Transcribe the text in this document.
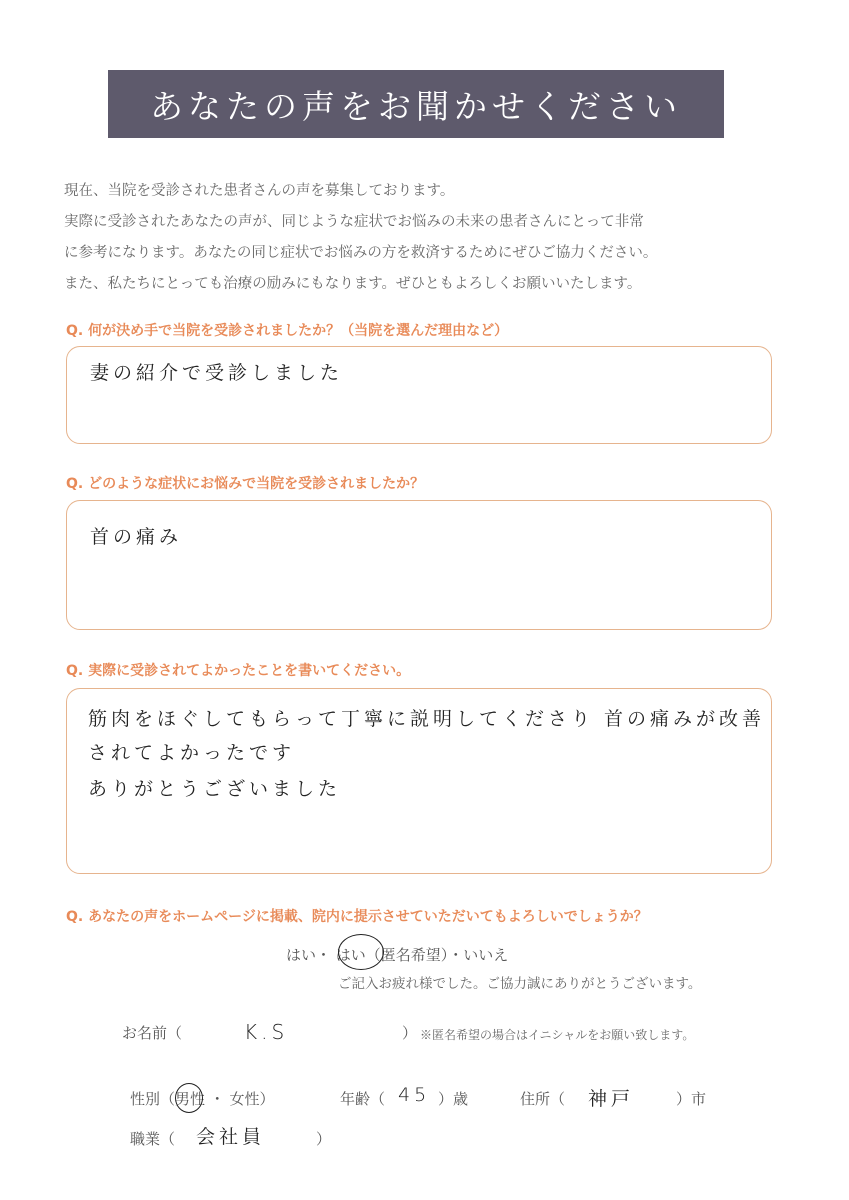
あなたの声をお聞かせください
現在、当院を受診された患者さんの声を募集しております。
実際に受診されたあなたの声が、同じような症状でお悩みの未来の患者さんにとって非常
に参考になります。あなたの同じ症状でお悩みの方を救済するためにぜひご協力ください。
また、私たちにとっても治療の励みにもなります。ぜひともよろしくお願いいたします。
Q. 何が決め手で当院を受診されましたか？（当院を選んだ理由など）
妻の紹介で受診しました
Q. どのような症状にお悩みで当院を受診されましたか？
首の痛み
Q. 実際に受診されてよかったことを書いてください。
筋肉をほぐしてもらって丁寧に説明してくださり 首の痛みが改善
されてよかったです
ありがとうございました
Q. あなたの声をホームページに掲載、院内に提示させていただいてもよろしいでしょうか？
はい・ はい（匿名希望）・いいえ
ご記入お疲れ様でした。ご協力誠にありがとうございます。
お名前（	K.S	） ※匿名希望の場合はイニシャルをお願い致します。
性別（男性 ・ 女性）	年齢（ 45 ）歳	住所（ 神戸	）市
職業（ 会社員	）
